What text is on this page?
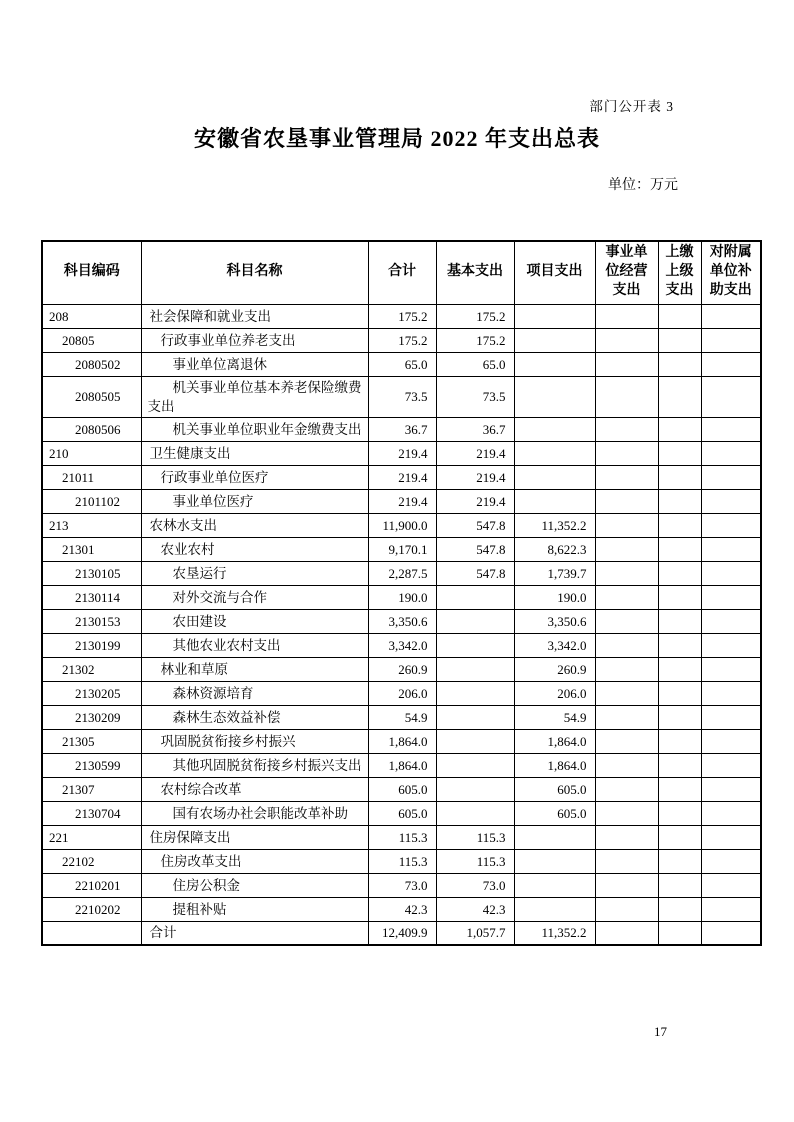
部门公开表 3
安徽省农垦事业管理局 2022 年支出总表
单位：万元
科目编码	科目名称	合计	基本支出	项目支出	事业单位经营支出	上缴上级支出	对附属单位补助支出
208	社会保障和就业支出	175.2	175.2				
20805	行政事业单位养老支出	175.2	175.2				
2080502	事业单位离退休	65.0	65.0				
2080505	机关事业单位基本养老保险缴费支出	73.5	73.5				
2080506	机关事业单位职业年金缴费支出	36.7	36.7				
210	卫生健康支出	219.4	219.4				
21011	行政事业单位医疗	219.4	219.4				
2101102	事业单位医疗	219.4	219.4				
213	农林水支出	11,900.0	547.8	11,352.2			
21301	农业农村	9,170.1	547.8	8,622.3			
2130105	农垦运行	2,287.5	547.8	1,739.7			
2130114	对外交流与合作	190.0		190.0			
2130153	农田建设	3,350.6		3,350.6			
2130199	其他农业农村支出	3,342.0		3,342.0			
21302	林业和草原	260.9		260.9			
2130205	森林资源培育	206.0		206.0			
2130209	森林生态效益补偿	54.9		54.9			
21305	巩固脱贫衔接乡村振兴	1,864.0		1,864.0			
2130599	其他巩固脱贫衔接乡村振兴支出	1,864.0		1,864.0			
21307	农村综合改革	605.0		605.0			
2130704	国有农场办社会职能改革补助	605.0		605.0			
221	住房保障支出	115.3	115.3				
22102	住房改革支出	115.3	115.3				
2210201	住房公积金	73.0	73.0				
2210202	提租补贴	42.3	42.3				
	合计	12,409.9	1,057.7	11,352.2			
17
